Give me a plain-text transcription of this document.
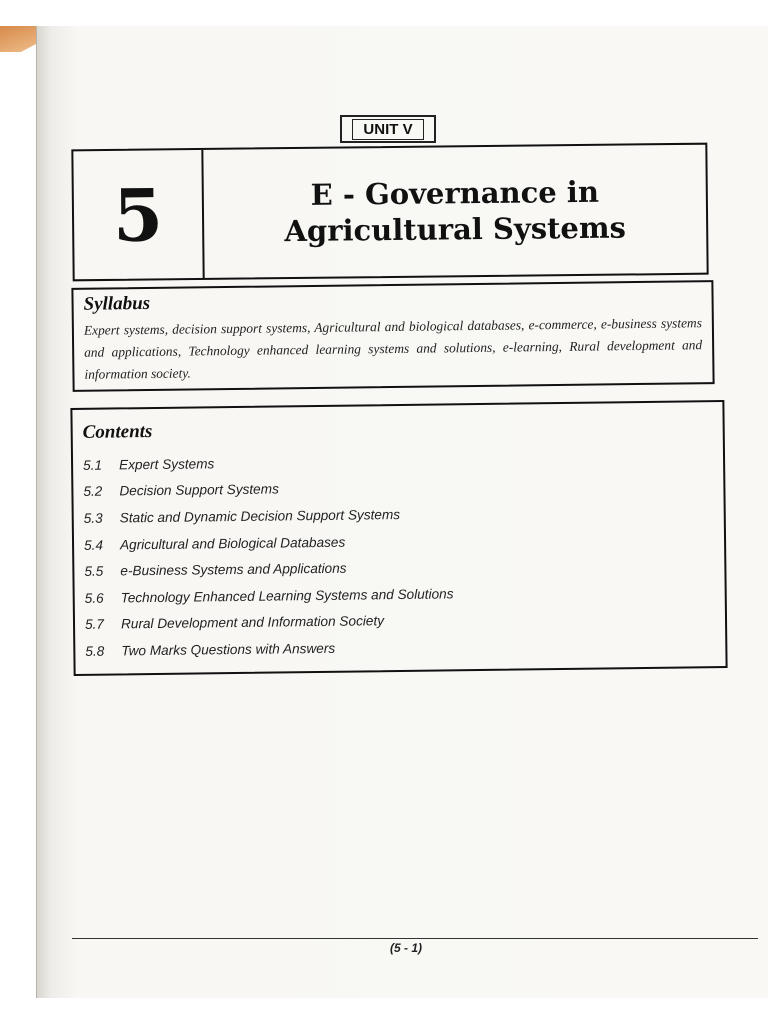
UNIT V
5	E - Governance in
Agricultural Systems
Syllabus
Expert systems, decision support systems, Agricultural and biological databases, e-commerce, e-business systems and applications, Technology enhanced learning systems and solutions, e-learning, Rural development and information society.
Contents
5.1	Expert Systems
5.2	Decision Support Systems
5.3	Static and Dynamic Decision Support Systems
5.4	Agricultural and Biological Databases
5.5	e-Business Systems and Applications
5.6	Technology Enhanced Learning Systems and Solutions
5.7	Rural Development and Information Society
5.8	Two Marks Questions with Answers
(5 - 1)
